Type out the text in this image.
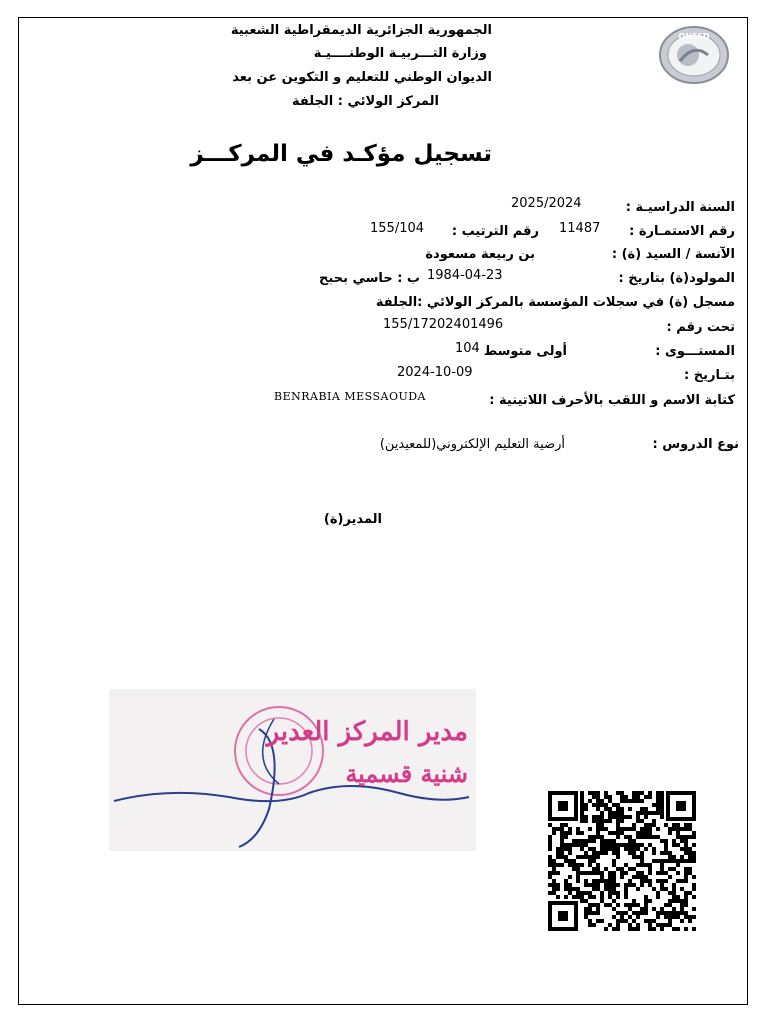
ONEFD
الجمهورية الجزائرية الديمقراطية الشعبية
وزارة التـــربيـة الوطنــــيـة
الديوان الوطني للتعليم و التكوين عن بعد
المركز الولائي : الجلفة
تسجيل مؤكـد في المركـــز
السنة الدراسيـة :
2025/2024
رقم الاستمـارة :
11487
رقم الترتيب :
155/104
الآنسة / السيد (ة) :
بن ربيعة مسعودة
المولود(ة) بتاريخ :
1984-04-23
ب : حاسي بحبح
مسجل (ة) في سجلات المؤسسة بالمركز الولائي :الجلفة
تحت رقم :
155/17202401496
المستـــوى :
أولى متوسط
104
بتـاريخ :
2024-10-09
كتابة الاسم و اللقب بالأحرف اللاتينية :
BENRABIA MESSAOUDA
نوع الدروس :
أرضية التعليم الإلكتروني(للمعيدين)
المدير(ة)
مدير المركز العدير
شنية قسمية
